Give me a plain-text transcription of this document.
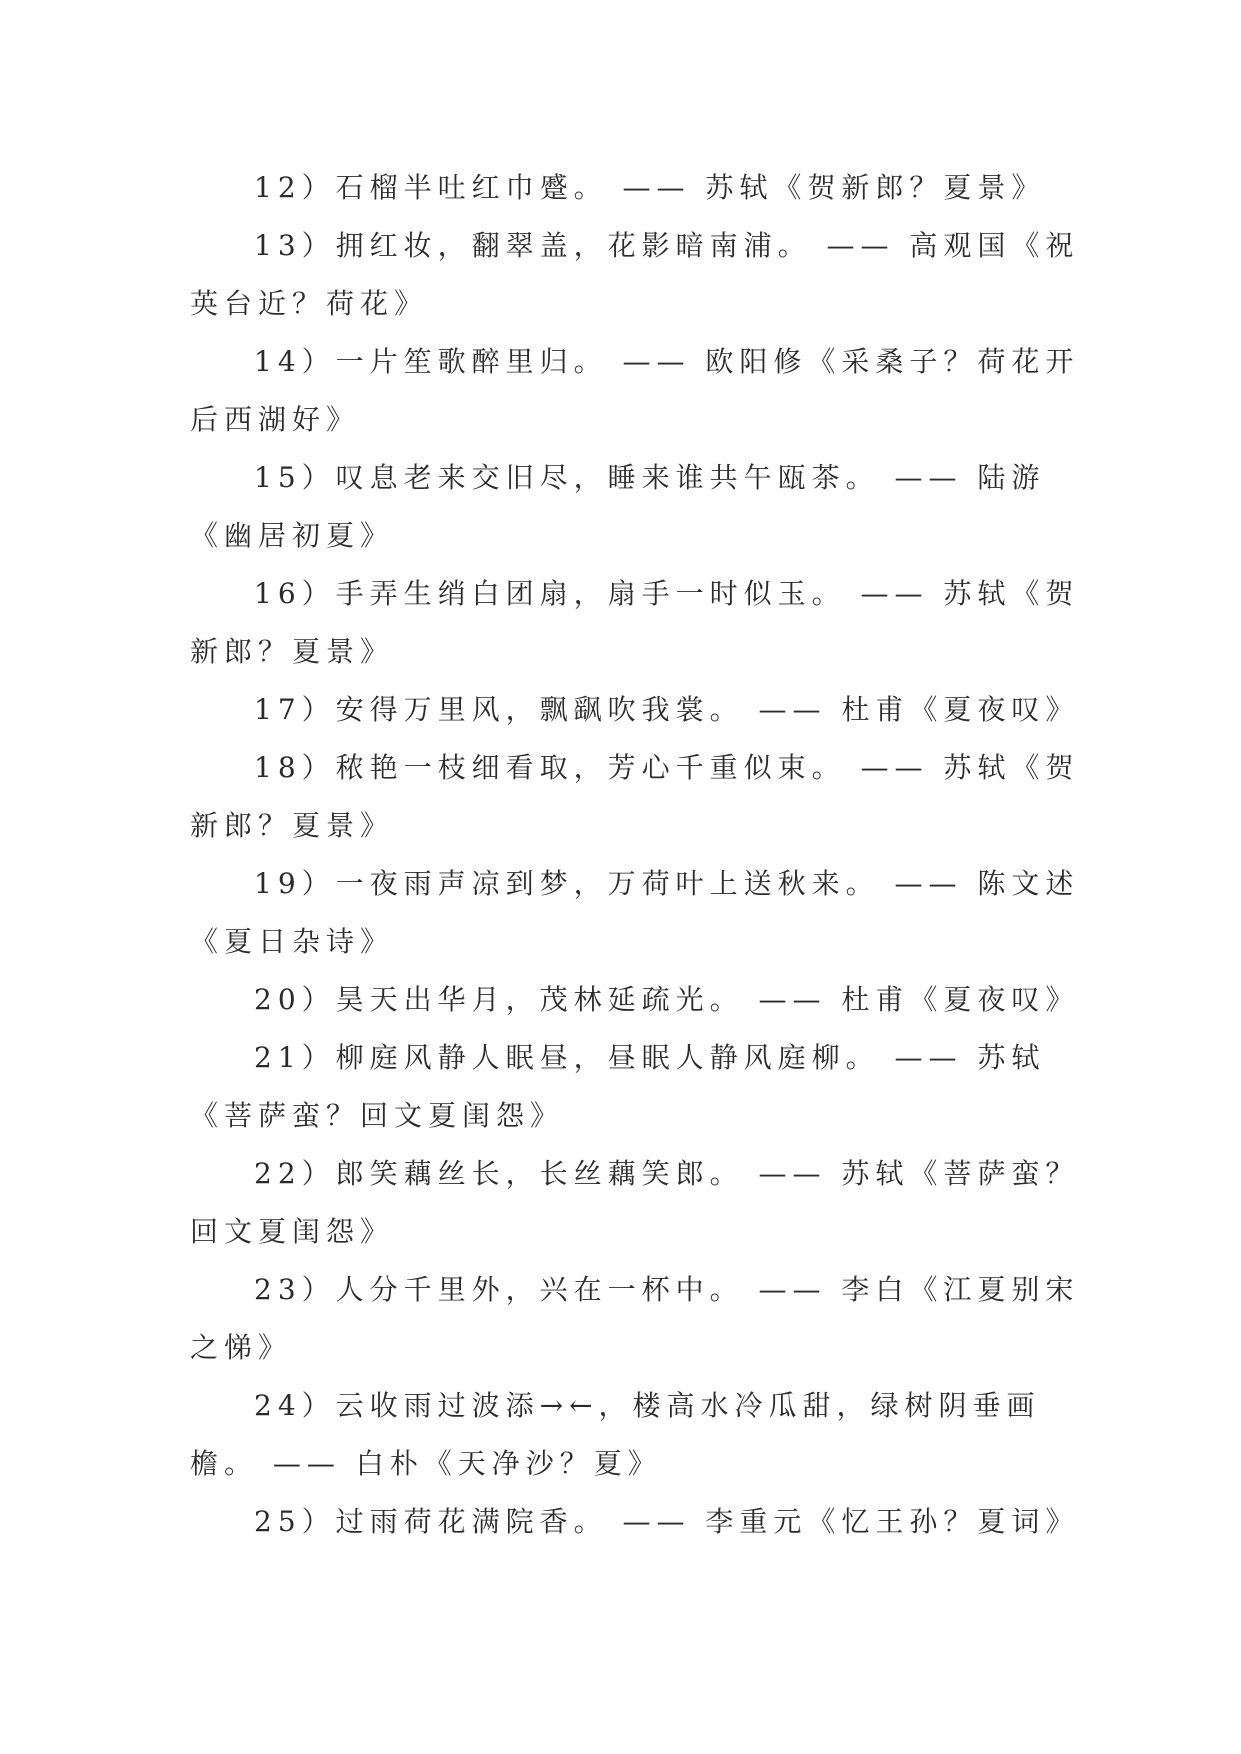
12）石榴半吐红巾蹙。 —— 苏轼《贺新郎？夏景》

13）拥红妆，翻翠盖，花影暗南浦。 —— 高观国《祝英台近？荷花》

14）一片笙歌醉里归。 —— 欧阳修《采桑子？荷花开后西湖好》

15）叹息老来交旧尽，睡来谁共午瓯茶。 —— 陆游《幽居初夏》

16）手弄生绡白团扇，扇手一时似玉。 —— 苏轼《贺新郎？夏景》

17）安得万里风，飘飖吹我裳。 —— 杜甫《夏夜叹》

18）秾艳一枝细看取，芳心千重似束。 —— 苏轼《贺新郎？夏景》

19）一夜雨声凉到梦，万荷叶上送秋来。 —— 陈文述《夏日杂诗》

20）昊天出华月，茂林延疏光。 —— 杜甫《夏夜叹》

21）柳庭风静人眠昼，昼眠人静风庭柳。 —— 苏轼《菩萨蛮？回文夏闺怨》

22）郎笑藕丝长，长丝藕笑郎。 —— 苏轼《菩萨蛮？回文夏闺怨》

23）人分千里外，兴在一杯中。 —— 李白《江夏别宋之悌》

24）云收雨过波添→←，楼高水冷瓜甜，绿树阴垂画檐。 —— 白朴《天净沙？夏》

25）过雨荷花满院香。 —— 李重元《忆王孙？夏词》
